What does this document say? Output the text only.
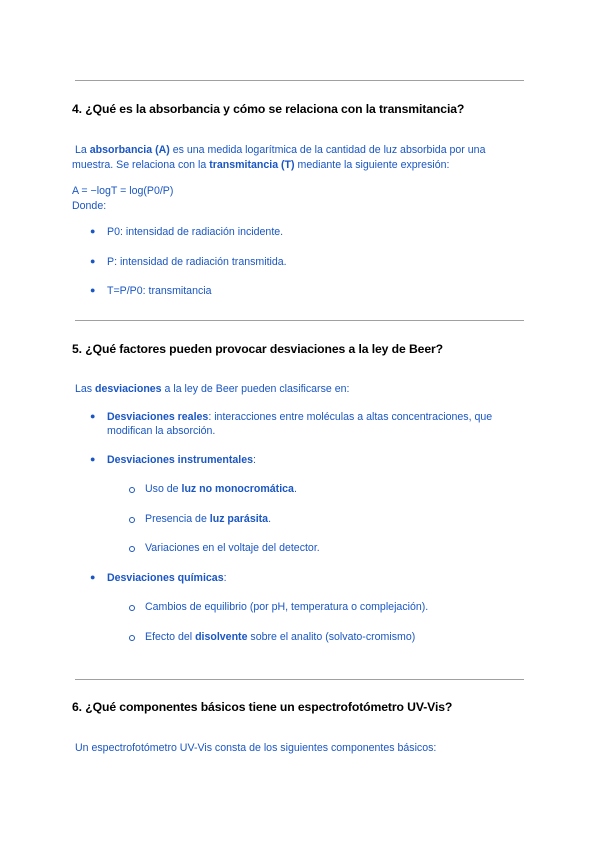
4. ¿Qué es la absorbancia y cómo se relaciona con la transmitancia?
La absorbancia (A) es una medida logarítmica de la cantidad de luz absorbida por una
muestra. Se relaciona con la transmitancia (T) mediante la siguiente expresión:
A = −logT = log(P0/P)
Donde:
● P0: intensidad de radiación incidente.
● P: intensidad de radiación transmitida.
● T=P/P0: transmitancia
5. ¿Qué factores pueden provocar desviaciones a la ley de Beer?
Las desviaciones a la ley de Beer pueden clasificarse en:
● Desviaciones reales: interacciones entre moléculas a altas concentraciones, que
modifican la absorción.
● Desviaciones instrumentales:
Uso de luz no monocromática.
Presencia de luz parásita.
Variaciones en el voltaje del detector.
● Desviaciones químicas:
Cambios de equilibrio (por pH, temperatura o complejación).
Efecto del disolvente sobre el analito (solvato-cromismo)
6. ¿Qué componentes básicos tiene un espectrofotómetro UV-Vis?
Un espectrofotómetro UV-Vis consta de los siguientes componentes básicos:
